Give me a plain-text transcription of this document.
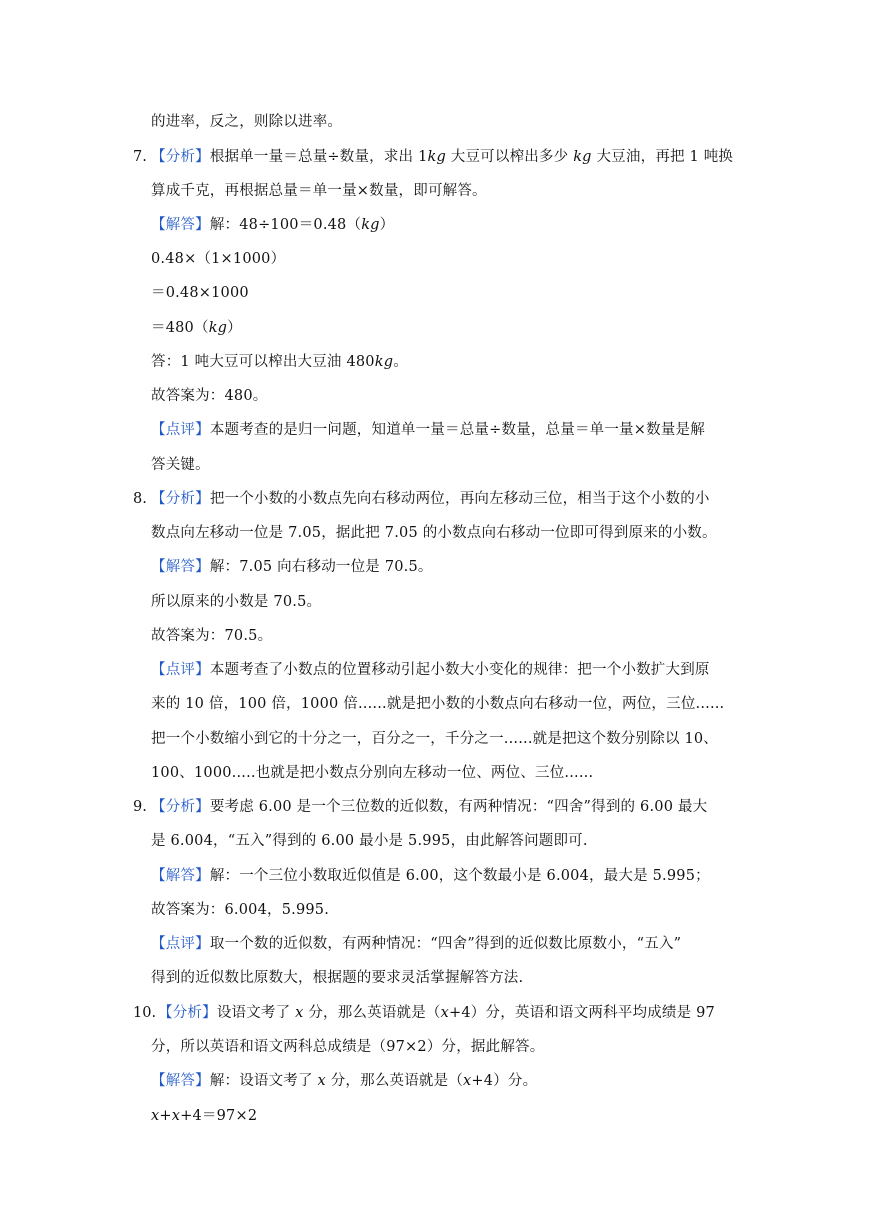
的进率，反之，则除以进率。
7. 【分析】根据单一量＝总量÷数量，求出 1kg 大豆可以榨出多少 kg 大豆油，再把 1 吨换
算成千克，再根据总量＝单一量×数量，即可解答。
【解答】解：48÷100＝0.48（kg）
0.48×（1×1000）
＝0.48×1000
＝480（kg）
答：1 吨大豆可以榨出大豆油 480kg。
故答案为：480。
【点评】本题考查的是归一问题，知道单一量＝总量÷数量，总量＝单一量×数量是解
答关键。
8. 【分析】把一个小数的小数点先向右移动两位，再向左移动三位，相当于这个小数的小
数点向左移动一位是 7.05，据此把 7.05 的小数点向右移动一位即可得到原来的小数。
【解答】解：7.05 向右移动一位是 70.5。
所以原来的小数是 70.5。
故答案为：70.5。
【点评】本题考查了小数点的位置移动引起小数大小变化的规律：把一个小数扩大到原
来的 10 倍，100 倍，1000 倍......就是把小数的小数点向右移动一位，两位，三位......
把一个小数缩小到它的十分之一，百分之一，千分之一......就是把这个数分别除以 10、
100、1000.....也就是把小数点分别向左移动一位、两位、三位......
9. 【分析】要考虑 6.00 是一个三位数的近似数，有两种情况：“四舍”得到的 6.00 最大
是 6.004，“五入”得到的 6.00 最小是 5.995，由此解答问题即可.
【解答】解：一个三位小数取近似值是 6.00，这个数最小是 6.004，最大是 5.995；
故答案为：6.004，5.995.
【点评】取一个数的近似数，有两种情况：“四舍”得到的近似数比原数小，“五入”
得到的近似数比原数大，根据题的要求灵活掌握解答方法.
10. 【分析】设语文考了 x 分，那么英语就是（x+4）分，英语和语文两科平均成绩是 97
分，所以英语和语文两科总成绩是（97×2）分，据此解答。
【解答】解：设语文考了 x 分，那么英语就是（x+4）分。
x+x+4＝97×2
